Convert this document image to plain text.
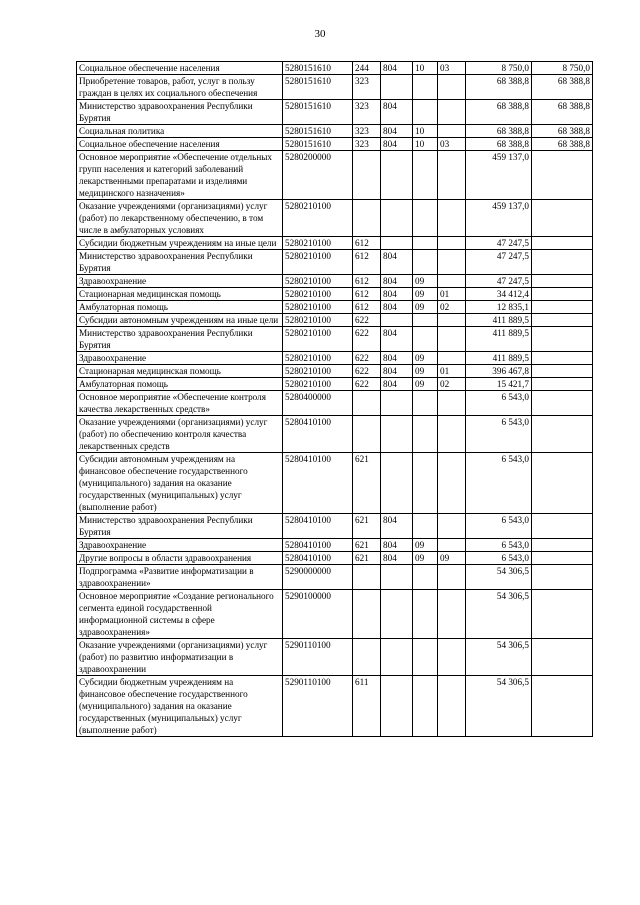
30
Социальное обеспечение населения	5280151610	244	804	10	03	8 750,0	8 750,0
Приобретение товаров, работ, услуг в пользу граждан в целях их социального обеспечения	5280151610	323				68 388,8	68 388,8
Министерство здравоохранения Республики Бурятия	5280151610	323	804			68 388,8	68 388,8
Социальная политика	5280151610	323	804	10		68 388,8	68 388,8
Социальное обеспечение населения	5280151610	323	804	10	03	68 388,8	68 388,8
Основное мероприятие «Обеспечение отдельных групп населения и категорий заболеваний лекарственными препаратами и изделиями медицинского назначения»	5280200000					459 137,0	
Оказание учреждениями (организациями) услуг (работ) по лекарственному обеспечению, в том числе в амбулаторных условиях	5280210100					459 137,0	
Субсидии бюджетным учреждениям на иные цели	5280210100	612				47 247,5	
Министерство здравоохранения Республики Бурятия	5280210100	612	804			47 247,5	
Здравоохранение	5280210100	612	804	09		47 247,5	
Стационарная медицинская помощь	5280210100	612	804	09	01	34 412,4	
Амбулаторная помощь	5280210100	612	804	09	02	12 835,1	
Субсидии автономным учреждениям на иные цели	5280210100	622				411 889,5	
Министерство здравоохранения Республики Бурятия	5280210100	622	804			411 889,5	
Здравоохранение	5280210100	622	804	09		411 889,5	
Стационарная медицинская помощь	5280210100	622	804	09	01	396 467,8	
Амбулаторная помощь	5280210100	622	804	09	02	15 421,7	
Основное мероприятие «Обеспечение контроля качества лекарственных средств»	5280400000					6 543,0	
Оказание учреждениями (организациями) услуг (работ) по обеспечению контроля качества лекарственных средств	5280410100					6 543,0	
Субсидии автономным учреждениям на финансовое обеспечение государственного (муниципального) задания на оказание государственных (муниципальных) услуг (выполнение работ)	5280410100	621				6 543,0	
Министерство здравоохранения Республики Бурятия	5280410100	621	804			6 543,0	
Здравоохранение	5280410100	621	804	09		6 543,0	
Другие вопросы в области здравоохранения	5280410100	621	804	09	09	6 543,0	
Подпрограмма «Развитие информатизации в здравоохранении»	5290000000					54 306,5	
Основное мероприятие «Создание регионального сегмента единой государственной информационной системы в сфере здравоохранения»	5290100000					54 306,5	
Оказание учреждениями (организациями) услуг (работ) по развитию информатизации в здравоохранении	5290110100					54 306,5	
Субсидии бюджетным учреждениям на финансовое обеспечение государственного (муниципального) задания на оказание государственных (муниципальных) услуг (выполнение работ)	5290110100	611				54 306,5	
